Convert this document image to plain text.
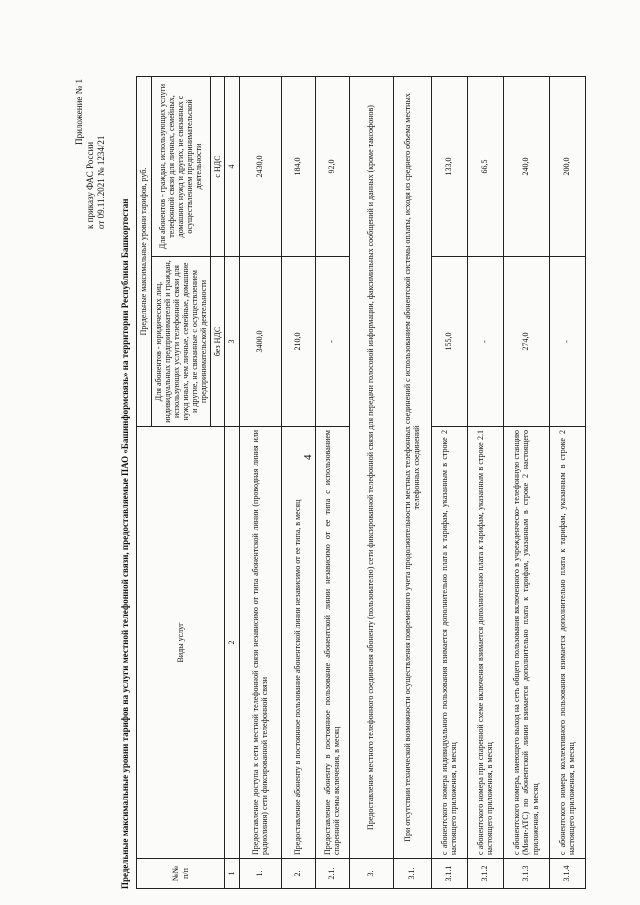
4
Приложение № 1
к приказу ФАС России от 09.11.2021 № 1234/21
Предельные максимальные уровни тарифов на услуги местной телефонной связи, предоставляемые ПАО «Башинформсвязь» на территории Республики Башкортостан	№№ п/п	Виды услуг	Предельные максимальные уровни тарифов, руб.	
		Для абонентов - юридических лиц, индивидуальных предпринимателей и граждан, использующих услуги телефонной связи для нужд иных, чем личные, семейные, домашние и другие, не связанные с осуществлением предпринимательской деятельности	Для абонентов - граждан, использующих услуги телефонной связи для личных, семейных, домашних нужд и других, не связанных с осуществлением предпринимательской деятельности
		без НДС	с НДС
1	2	3	4
1.	Предоставление доступа к сети местной телефонной связи независимо от типа абонентской линии (проводная линия или радиолиния) сети фиксированной телефонной связи	3400,0	2430,0
2.	Предоставление абоненту в постоянное пользование абонентской линии независимо от ее типа, в месяц	210,0	184,0
2.1.	Предоставление абоненту в постоянное пользование абонентской линии независимо от ее типа с использованием спаренной схемы включения, в месяц	-	92,0
3.	Предоставление местного телефонного соединения абоненту (пользователю) сети фиксированной телефонной связи для передачи голосовой информации, факсимильных сообщений и данных (кроме таксофонов)		
3.1.	При отсутствии технической возможности осуществления повременного учета продолжительности местных телефонных соединений с использованием абонентской системы оплаты, исходя из среднего объема местных телефонных соединений		
3.1.1	с абонентского номера индивидуального пользования взимается дополнительно плата к тарифам, указанным в строке 2 настоящего приложения, в месяц	155,0	133,0
3.1.2	с абонентского номера при спаренной схеме включения взимается дополнительно плата к тарифам, указанным в строке 2.1 настоящего приложения, в месяц	-	66,5
3.1.3	с абонентского номера, имеющего выход на сеть общего пользования включенного в учрежденческо- телефонную станцию (Мини-АТС) по абонентской линии взимается дополнительно плата к тарифам, указанным в строке 2 настоящего приложения, в месяц	274,0	240,0
3.1.4	с абонентского номера коллективного пользования взимается дополнительно плата к тарифам, указанным в строке 2 настоящего приложения, в месяц	-	200,0
